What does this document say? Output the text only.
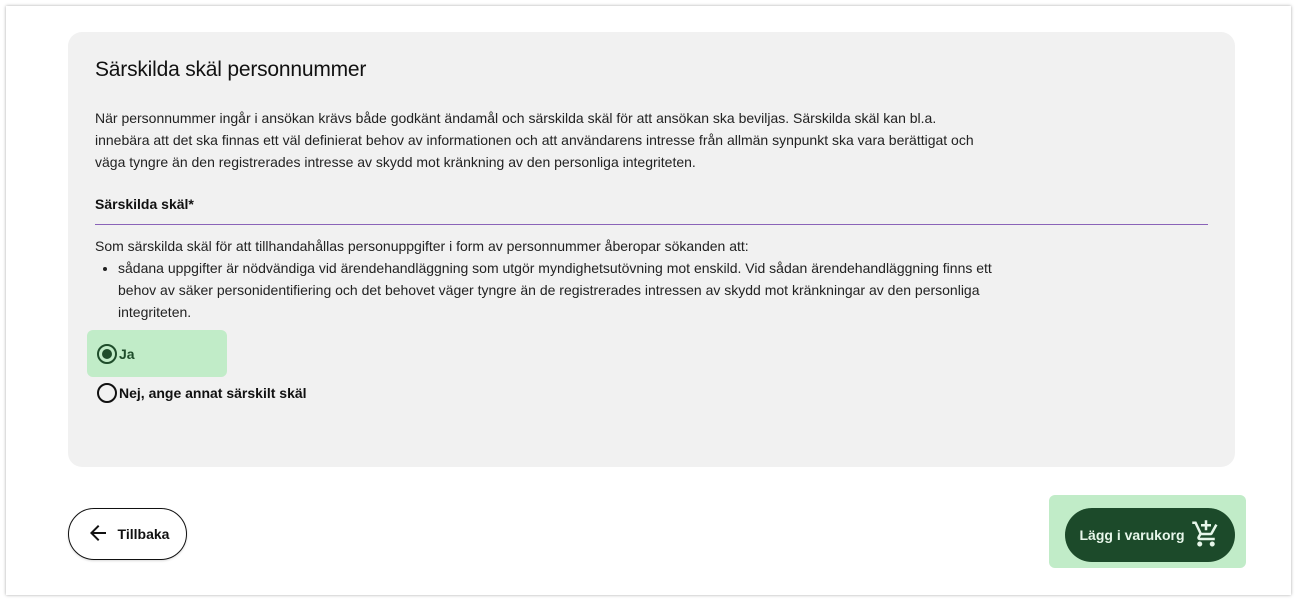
Särskilda skäl personnummer

När personnummer ingår i ansökan krävs både godkänt ändamål och särskilda skäl för att ansökan ska beviljas. Särskilda skäl kan bl.a. innebära att det ska finnas ett väl definierat behov av informationen och att användarens intresse från allmän synpunkt ska vara berättigat och väga tyngre än den registrerades intresse av skydd mot kränkning av den personliga integriteten.

Särskilda skäl*

Som särskilda skäl för att tillhandahållas personuppgifter i form av personnummer åberopar sökanden att:

• sådana uppgifter är nödvändiga vid ärendehandläggning som utgör myndighetsutövning mot enskild. Vid sådan ärendehandläggning finns ett behov av säker personidentifiering och det behovet väger tyngre än de registrerades intressen av skydd mot kränkningar av den personliga integriteten.
Ja
Nej, ange annat särskilt skäl
Tillbaka	Lägg i varukorg
